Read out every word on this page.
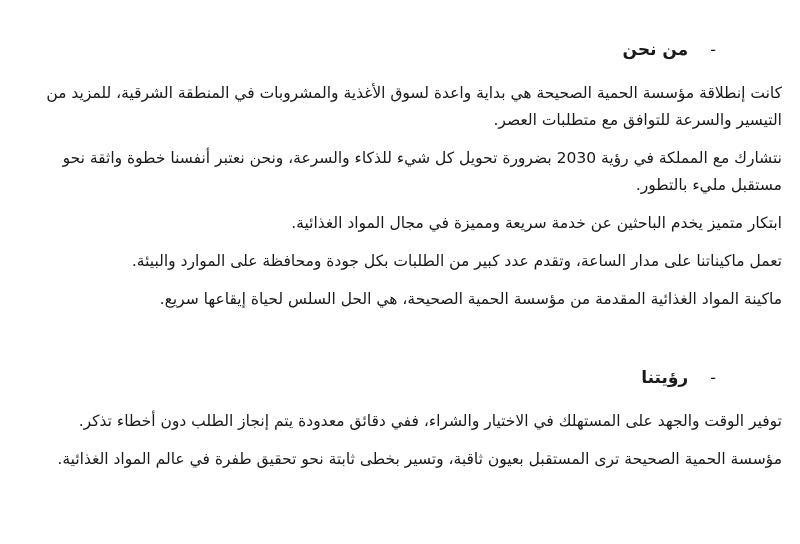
-
من نحن

كانت إنطلاقة مؤسسة الحمية الصحيحة هي بداية واعدة لسوق الأغذية والمشروبات في المنطقة الشرقية، للمزيد من التيسير والسرعة للتوافق مع متطلبات العصر.

نتشارك مع المملكة في رؤية 2030 بضرورة تحويل كل شيء للذكاء والسرعة، ونحن نعتبر أنفسنا خطوة واثقة نحو مستقبل مليء بالتطور.

ابتكار متميز يخدم الباحثين عن خدمة سريعة ومميزة في مجال المواد الغذائية.

تعمل ماكيناتنا على مدار الساعة، وتقدم عدد كبير من الطلبات بكل جودة ومحافظة على الموارد والبيئة.

ماكينة المواد الغذائية المقدمة من مؤسسة الحمية الصحيحة، هي الحل السلس لحياة إيقاعها سريع.

-
رؤيتنا

توفير الوقت والجهد على المستهلك في الاختيار والشراء، ففي دقائق معدودة يتم إنجاز الطلب دون أخطاء تذكر.

مؤسسة الحمية الصحيحة ترى المستقبل بعيون ثاقبة، وتسير بخطى ثابتة نحو تحقيق طفرة في عالم المواد الغذائية.
